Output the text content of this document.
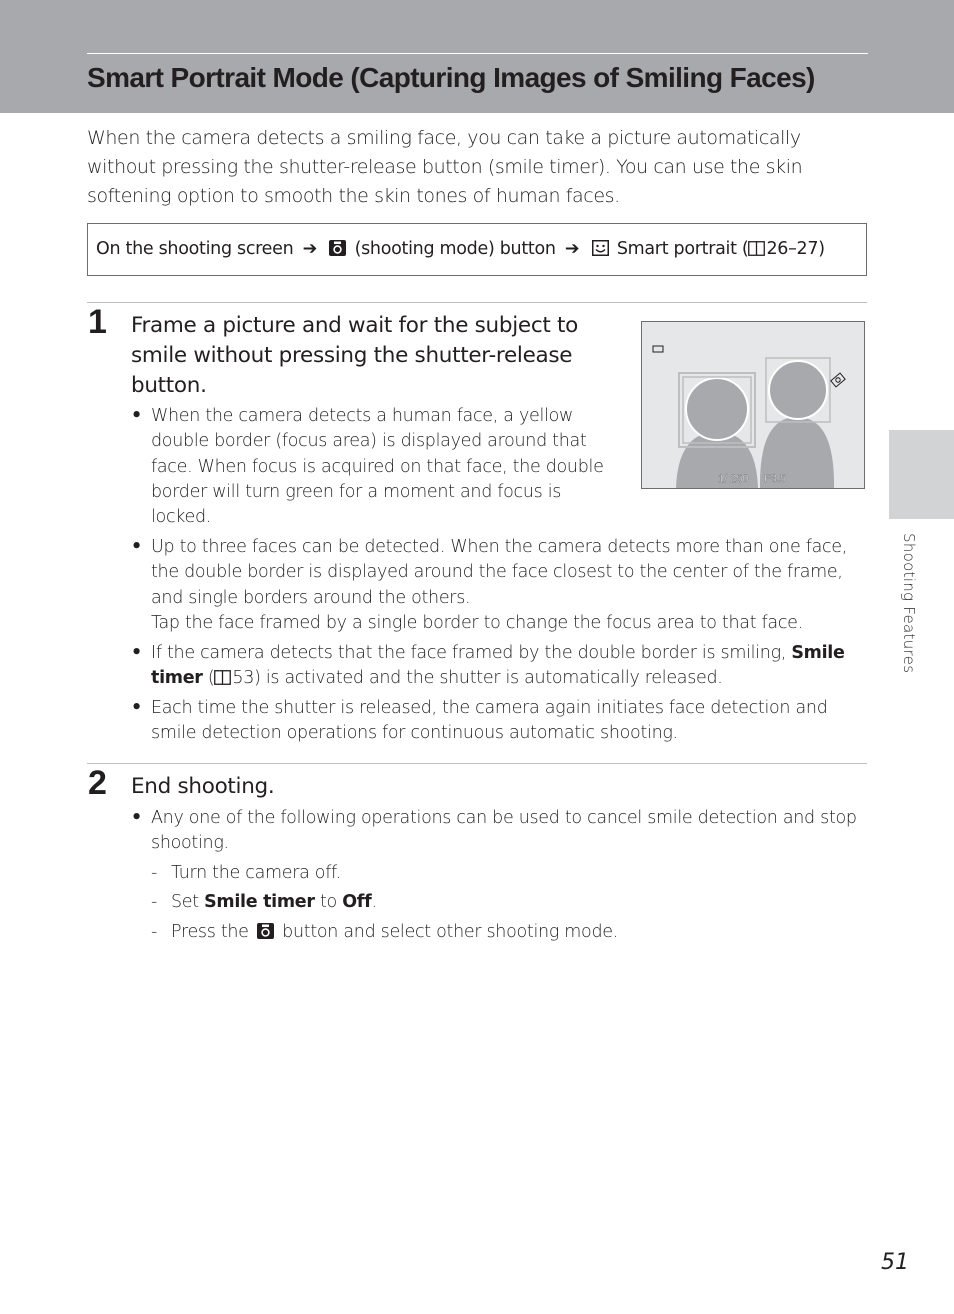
Smart Portrait Mode (Capturing Images of Smiling Faces)
When the camera detects a smiling face, you can take a picture automatically without pressing the shutter-release button (smile timer). You can use the skin softening option to smooth the skin tones of human faces.
On the shooting screen ➔ (shooting mode) button ➔ Smart portrait ( 26–27)
1 Frame a picture and wait for the subject to smile without pressing the shutter-release button.
1/ 250 F3.5
• When the camera detects a human face, a yellow double border (focus area) is displayed around that face. When focus is acquired on that face, the double border will turn green for a moment and focus is locked.
• Up to three faces can be detected. When the camera detects more than one face, the double border is displayed around the face closest to the center of the frame, and single borders around the others.
Tap the face framed by a single border to change the focus area to that face.
• If the camera detects that the face framed by the double border is smiling, Smile timer ( 53) is activated and the shutter is automatically released.
• Each time the shutter is released, the camera again initiates face detection and smile detection operations for continuous automatic shooting.
2 End shooting.
• Any one of the following operations can be used to cancel smile detection and stop shooting.
- Turn the camera off.
- Set Smile timer to Off.
- Press the button and select other shooting mode.
Shooting Features
51
